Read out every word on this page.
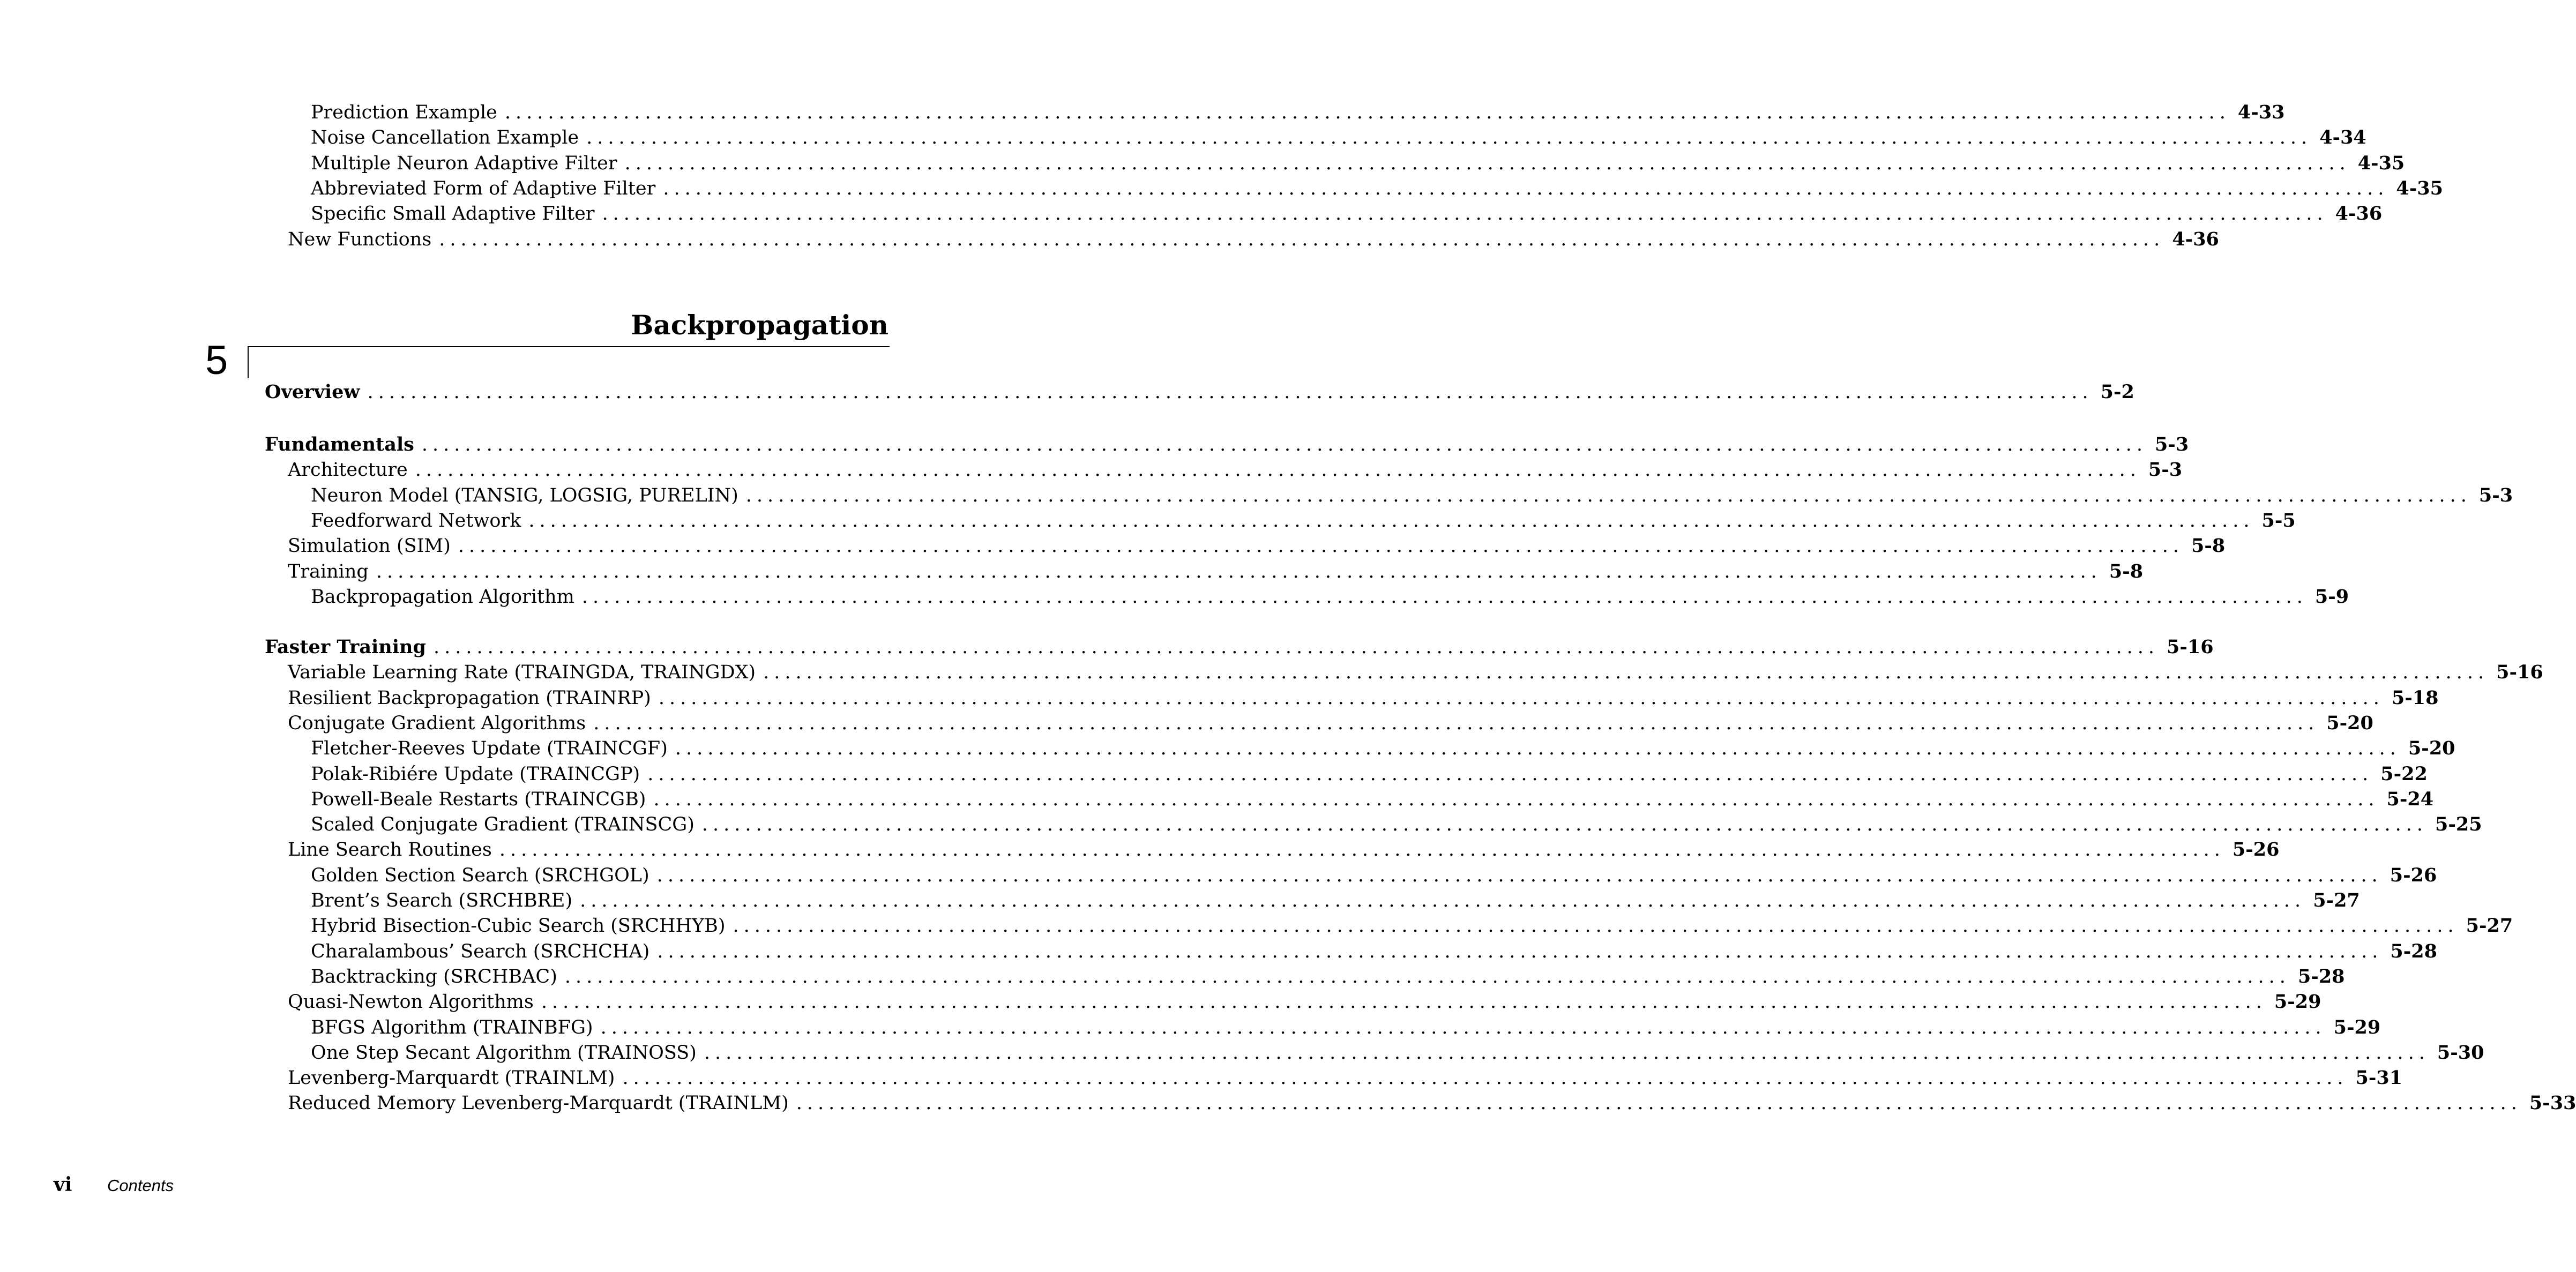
Prediction Example ................................................................................................................................................................ 4-33
Noise Cancellation Example ................................................................................................................................................................ 4-34
Multiple Neuron Adaptive Filter ................................................................................................................................................................ 4-35
Abbreviated Form of Adaptive Filter ................................................................................................................................................................ 4-35
Specific Small Adaptive Filter ................................................................................................................................................................ 4-36
New Functions ................................................................................................................................................................ 4-36
Backpropagation
5
Overview ................................................................................................................................................................ 5-2
Fundamentals ................................................................................................................................................................ 5-3
Architecture ................................................................................................................................................................ 5-3
Neuron Model (TANSIG, LOGSIG, PURELIN) ................................................................................................................................................................ 5-3
Feedforward Network ................................................................................................................................................................ 5-5
Simulation (SIM) ................................................................................................................................................................ 5-8
Training ................................................................................................................................................................ 5-8
Backpropagation Algorithm ................................................................................................................................................................ 5-9
Faster Training ................................................................................................................................................................ 5-16
Variable Learning Rate (TRAINGDA, TRAINGDX) ................................................................................................................................................................ 5-16
Resilient Backpropagation (TRAINRP) ................................................................................................................................................................ 5-18
Conjugate Gradient Algorithms ................................................................................................................................................................ 5-20
Fletcher-Reeves Update (TRAINCGF) ................................................................................................................................................................ 5-20
Polak-Ribiére Update (TRAINCGP) ................................................................................................................................................................ 5-22
Powell-Beale Restarts (TRAINCGB) ................................................................................................................................................................ 5-24
Scaled Conjugate Gradient (TRAINSCG) ................................................................................................................................................................ 5-25
Line Search Routines ................................................................................................................................................................ 5-26
Golden Section Search (SRCHGOL) ................................................................................................................................................................ 5-26
Brent’s Search (SRCHBRE) ................................................................................................................................................................ 5-27
Hybrid Bisection-Cubic Search (SRCHHYB) ................................................................................................................................................................ 5-27
Charalambous’ Search (SRCHCHA) ................................................................................................................................................................ 5-28
Backtracking (SRCHBAC) ................................................................................................................................................................ 5-28
Quasi-Newton Algorithms ................................................................................................................................................................ 5-29
BFGS Algorithm (TRAINBFG) ................................................................................................................................................................ 5-29
One Step Secant Algorithm (TRAINOSS) ................................................................................................................................................................ 5-30
Levenberg-Marquardt (TRAINLM) ................................................................................................................................................................ 5-31
Reduced Memory Levenberg-Marquardt (TRAINLM) ................................................................................................................................................................ 5-33
vi Contents
